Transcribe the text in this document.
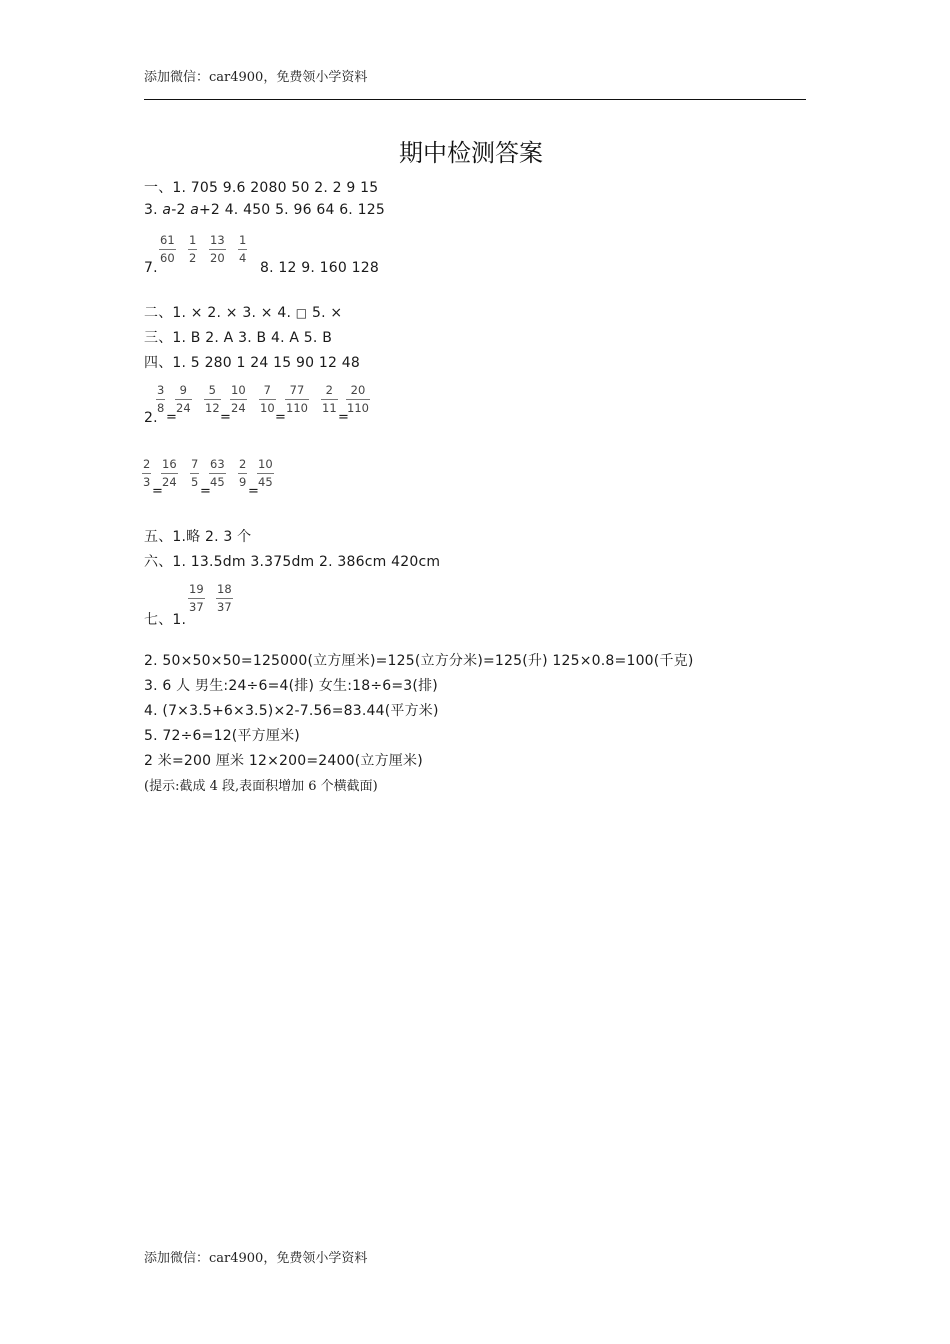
添加微信：car4900，免费领小学资料
期中检测答案
一、1. 705 9.6 2080 50 2. 2 9 15
3. a-2 a+2 4. 450 5. 96 64 6. 125
61
60
1
2
13
20
1
4
7.	8. 12 9. 160 128
二、1. × 2. × 3. × 4. □ 5. ×
三、1. B 2. A 3. B 4. A 5. B
四、1. 5 280 1 24 15 90 12 48
3
8
9
24
5
12
10
24
7
10
77
110
2
11
20
110
2. =	=	=	=
2
3
16
24
7
5
63
45
2
9
10
45
=	=	=
五、1.略 2. 3 个
六、1. 13.5dm 3.375dm 2. 386cm 420cm
19
37
18
37
七、1.
2. 50×50×50=125000(立方厘米)=125(立方分米)=125(升) 125×0.8=100(千克)
3. 6 人 男生:24÷6=4(排) 女生:18÷6=3(排)
4. (7×3.5+6×3.5)×2-7.56=83.44(平方米)
5. 72÷6=12(平方厘米)
2 米=200 厘米 12×200=2400(立方厘米)
(提示:截成 4 段,表面积增加 6 个横截面)
添加微信：car4900，免费领小学资料
